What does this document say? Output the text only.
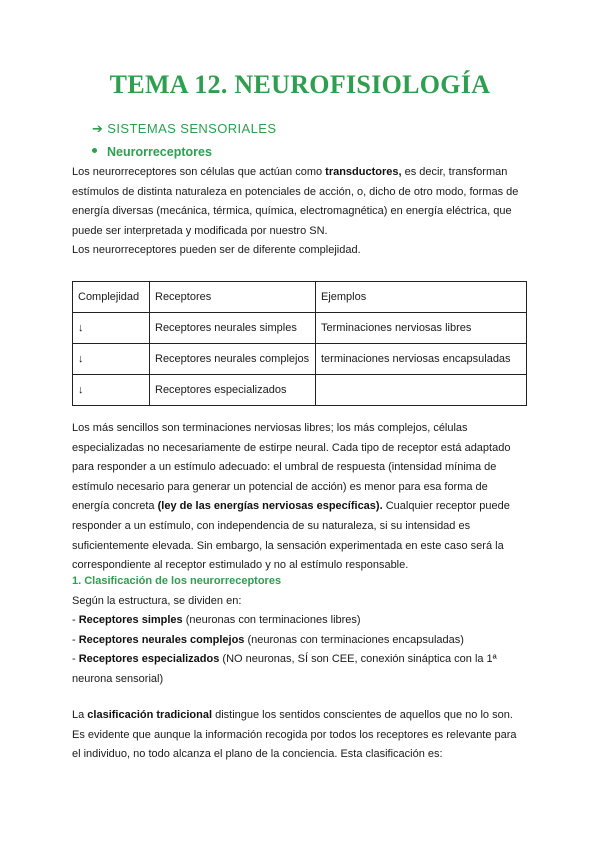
TEMA 12. NEUROFISIOLOGÍA
➔ SISTEMAS SENSORIALES
Neurorreceptores

Los neurorreceptores son células que actúan como transductores, es decir, transforman

estímulos de distinta naturaleza en potenciales de acción, o, dicho de otro modo, formas de

energía diversas (mecánica, térmica, química, electromagnética) en energía eléctrica, que

puede ser interpretada y modificada por nuestro SN.

Los neurorreceptores pueden ser de diferente complejidad.

Complejidad	Receptores	Ejemplos
↓	Receptores neurales simples	Terminaciones nerviosas libres
↓	Receptores neurales complejos	terminaciones nerviosas encapsuladas
↓	Receptores especializados	

Los más sencillos son terminaciones nerviosas libres; los más complejos, células

especializadas no necesariamente de estirpe neural. Cada tipo de receptor está adaptado

para responder a un estímulo adecuado: el umbral de respuesta (intensidad mínima de

estímulo necesario para generar un potencial de acción) es menor para esa forma de

energía concreta (ley de las energías nerviosas específicas). Cualquier receptor puede

responder a un estímulo, con independencia de su naturaleza, si su intensidad es

suficientemente elevada. Sin embargo, la sensación experimentada en este caso será la

correspondiente al receptor estimulado y no al estímulo responsable.

1. Clasificación de los neurorreceptores

Según la estructura, se dividen en:

- Receptores simples (neuronas con terminaciones libres)

- Receptores neurales complejos (neuronas con terminaciones encapsuladas)

- Receptores especializados (NO neuronas, SÍ son CEE, conexión sináptica con la 1ª

neurona sensorial)

La clasificación tradicional distingue los sentidos conscientes de aquellos que no lo son.

Es evidente que aunque la información recogida por todos los receptores es relevante para

el individuo, no todo alcanza el plano de la conciencia. Esta clasificación es:
